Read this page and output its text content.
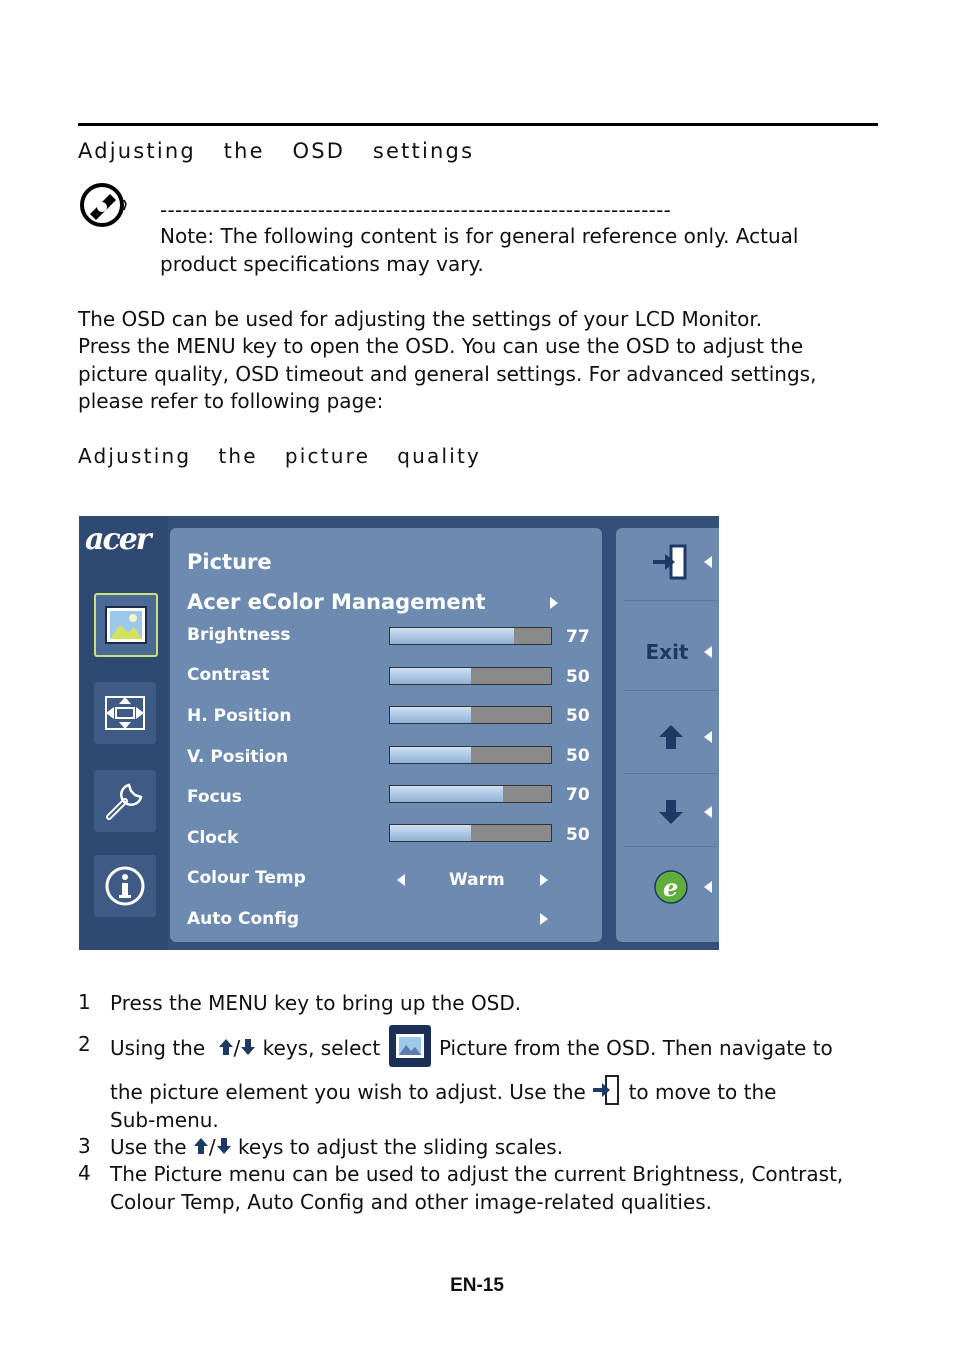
Adjusting  the  OSD  settings
--------------------------------------------------------------------
Note: The following content is for general reference only. Actual
product specifications may vary.
The OSD can be used for adjusting the settings of your LCD Monitor.
Press the MENU key to open the OSD. You can use the OSD to adjust the
picture quality, OSD timeout and general settings. For advanced settings,
please refer to following page:
Adjusting  the  picture  quality
acer
Picture
Acer eColor Management
Brightness	77
Contrast	50
H. Position	50
V. Position	50
Focus	70
Clock	50
Colour Temp	Warm
Auto Config
Exit
e
1 Press the MENU key to bring up the OSD.
2 Using the / keys, select	Picture from the OSD. Then navigate to
the picture element you wish to adjust. Use the to move to the
Sub-menu.
3 Use the / keys to adjust the sliding scales.
4 The Picture menu can be used to adjust the current Brightness, Contrast,
Colour Temp, Auto Config and other image-related qualities.
EN-15
